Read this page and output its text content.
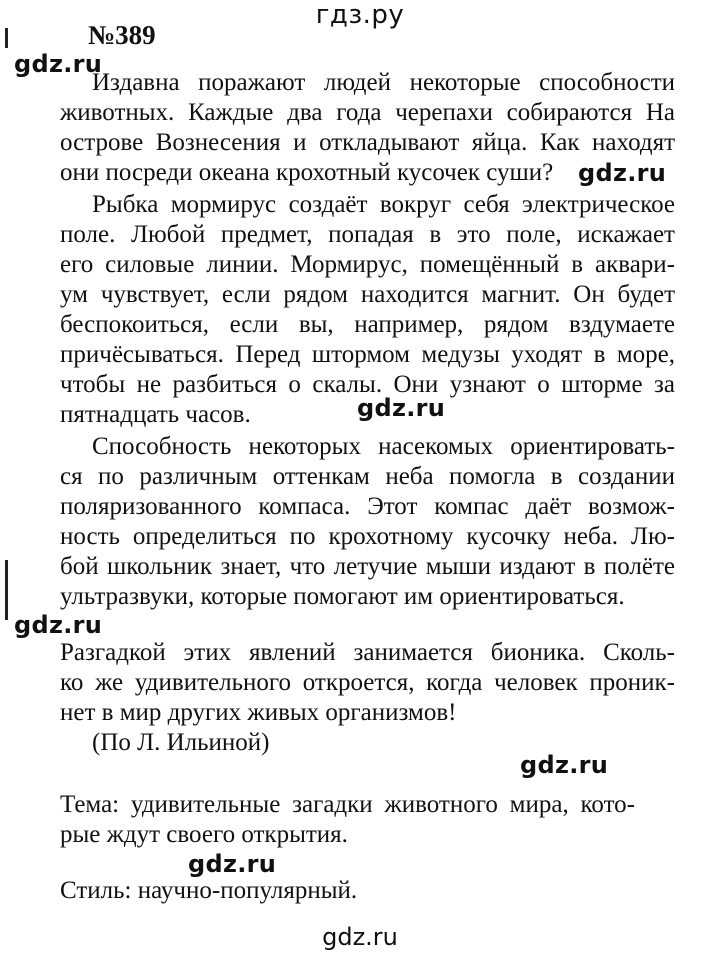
гдз.ру
№389
gdz.ru
gdz.ru
gdz.ru
gdz.ru
gdz.ru
gdz.ru
Издавна поражают людей некоторые способности
животных. Каждые два года черепахи собираются На
острове Вознесения и откладывают яйца. Как находят
они посреди океана крохотный кусочек суши?
Рыбка мормирус создаёт вокруг себя электрическое
поле. Любой предмет, попадая в это поле, искажает
его силовые линии. Мормирус, помещённый в аквари-
ум чувствует, если рядом находится магнит. Он будет
беспокоиться, если вы, например, рядом вздумаете
причёсываться. Перед штормом медузы уходят в море,
чтобы не разбиться о скалы. Они узнают о шторме за
пятнадцать часов.
Способность некоторых насекомых ориентировать-
ся по различным оттенкам неба помогла в создании
поляризованного компаса. Этот компас даёт возмож-
ность определиться по крохотному кусочку неба. Лю-
бой школьник знает, что летучие мыши издают в полёте
ультразвуки, которые помогают им ориентироваться.
Разгадкой этих явлений занимается бионика. Сколь-
ко же удивительного откроется, когда человек проник-
нет в мир других живых организмов!
(По Л. Ильиной)
Тема: удивительные загадки животного мира, кото-
рые ждут своего открытия.
Стиль: научно-популярный.
gdz.ru
